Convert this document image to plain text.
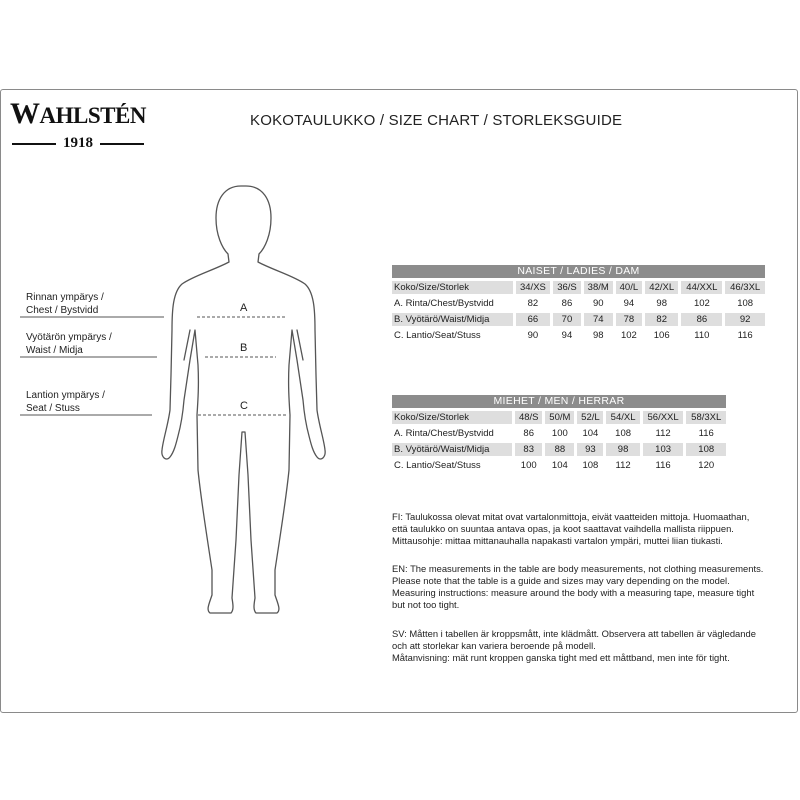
WAHLSTÉN
1918
KOKOTAULUKKO / SIZE CHART / STORLEKSGUIDE
Rinnan ympärys /
Chest / Bystvidd
Vyötärön ympärys /
Waist / Midja
Lantion ympärys /
Seat / Stuss
A
B
C
NAISET / LADIES / DAM							
Koko/Size/Storlek	34/XS	36/S	38/M	40/L	42/XL	44/XXL	46/3XL
A. Rinta/Chest/Bystvidd	82	86	90	94	98	102	108
B. Vyötärö/Waist/Midja	66	70	74	78	82	86	92
C. Lantio/Seat/Stuss	90	94	98	102	106	110	116
MIEHET / MEN / HERRAR						
Koko/Size/Storlek	48/S	50/M	52/L	54/XL	56/XXL	58/3XL
A. Rinta/Chest/Bystvidd	86	100	104	108	112	116
B. Vyötärö/Waist/Midja	83	88	93	98	103	108
C. Lantio/Seat/Stuss	100	104	108	112	116	120
FI: Taulukossa olevat mitat ovat vartalonmittoja, eivät vaatteiden mittoja. Huomaathan,
että taulukko on suuntaa antava opas, ja koot saattavat vaihdella mallista riippuen.
Mittausohje: mittaa mittanauhalla napakasti vartalon ympäri, muttei liian tiukasti.
EN: The measurements in the table are body measurements, not clothing measurements.
Please note that the table is a guide and sizes may vary depending on the model.
Measuring instructions: measure around the body with a measuring tape, measure tight
but not too tight.
SV: Måtten i tabellen är kroppsmått, inte klädmått. Observera att tabellen är vägledande
och att storlekar kan variera beroende på modell.
Måtanvisning: mät runt kroppen ganska tight med ett måttband, men inte för tight.
